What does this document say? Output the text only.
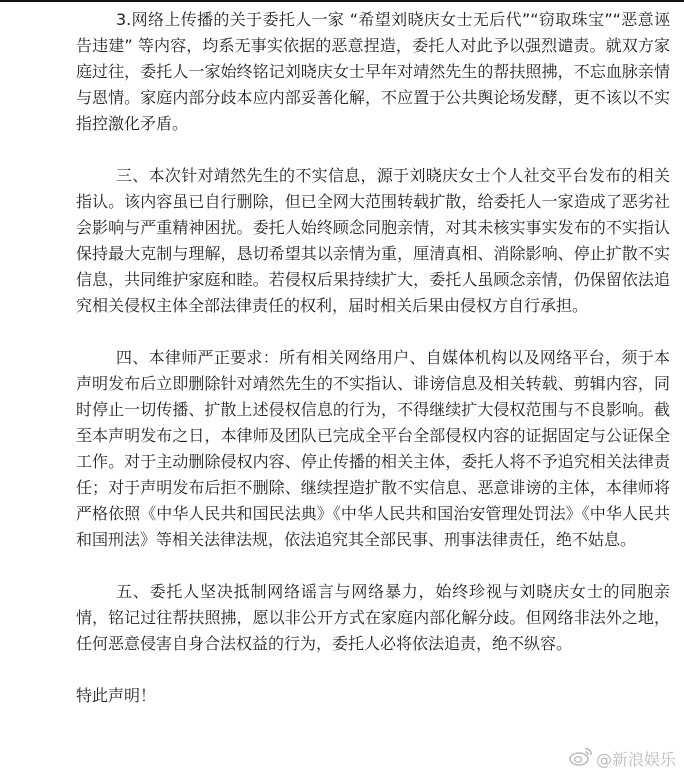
3.网络上传播的关于委托人一家 “希望刘晓庆女士无后代”“窃取珠宝”“恶意诬告违建” 等内容，均系无事实依据的恶意捏造，委托人对此予以强烈谴责。就双方家庭过往，委托人一家始终铭记刘晓庆女士早年对靖然先生的帮扶照拂，不忘血脉亲情与恩情。家庭内部分歧本应内部妥善化解，不应置于公共舆论场发酵，更不该以不实指控激化矛盾。

三、本次针对靖然先生的不实信息，源于刘晓庆女士个人社交平台发布的相关指认。该内容虽已自行删除，但已全网大范围转载扩散，给委托人一家造成了恶劣社会影响与严重精神困扰。委托人始终顾念同胞亲情，对其未核实事实发布的不实指认保持最大克制与理解，恳切希望其以亲情为重，厘清真相、消除影响、停止扩散不实信息，共同维护家庭和睦。若侵权后果持续扩大，委托人虽顾念亲情，仍保留依法追究相关侵权主体全部法律责任的权利，届时相关后果由侵权方自行承担。

四、本律师严正要求：所有相关网络用户、自媒体机构以及网络平台，须于本声明发布后立即删除针对靖然先生的不实指认、诽谤信息及相关转载、剪辑内容，同时停止一切传播、扩散上述侵权信息的行为，不得继续扩大侵权范围与不良影响。截至本声明发布之日，本律师及团队已完成全平台全部侵权内容的证据固定与公证保全工作。对于主动删除侵权内容、停止传播的相关主体，委托人将不予追究相关法律责任；对于声明发布后拒不删除、继续捏造扩散不实信息、恶意诽谤的主体，本律师将严格依照《中华人民共和国民法典》《中华人民共和国治安管理处罚法》《中华人民共和国刑法》等相关法律法规，依法追究其全部民事、刑事法律责任，绝不姑息。

五、委托人坚决抵制网络谣言与网络暴力，始终珍视与刘晓庆女士的同胞亲情，铭记过往帮扶照拂，愿以非公开方式在家庭内部化解分歧。但网络非法外之地，任何恶意侵害自身合法权益的行为，委托人必将依法追责，绝不纵容。

特此声明！

@新浪娱乐
